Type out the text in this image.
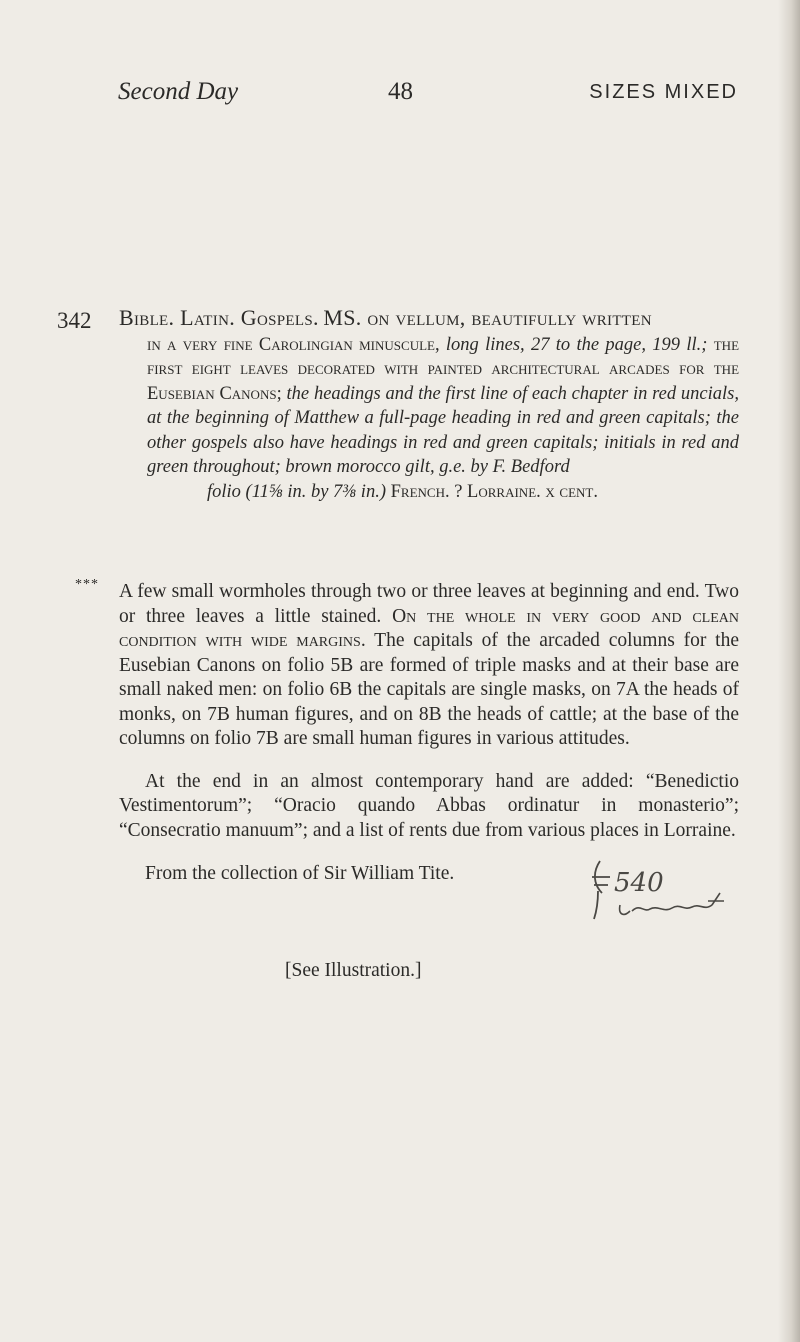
Second Day	48	SIZES MIXED
342 Bible. Latin. Gospels. MS. on vellum, beautifully written
in a very fine Carolingian minuscule, long lines, 27 to the page, 199 ll.; the first eight leaves decorated with painted architectural arcades for the Eusebian Canons; the headings and the first line of each chapter in red uncials, at the beginning of Matthew a full-page heading in red and green capitals; the other gospels also have headings in red and green capitals; initials in red and green throughout; brown morocco gilt, g.e. by F. Bedford
folio (11⅝ in. by 7⅜ in.) French. ? Lorraine. x cent.
*** A few small wormholes through two or three leaves at beginning and end. Two or three leaves a little stained. On the whole in very good and clean condition with wide margins. The capitals of the arcaded columns for the Eusebian Canons on folio 5B are formed of triple masks and at their base are small naked men: on folio 6B the capitals are single masks, on 7A the heads of monks, on 7B human figures, and on 8B the heads of cattle; at the base of the columns on folio 7B are small human figures in various attitudes.

At the end in an almost contemporary hand are added: “Benedictio Vestimentorum”; “Oracio quando Abbas ordinatur in monasterio”; “Consecratio manuum”; and a list of rents due from various places in Lorraine.

From the collection of Sir William Tite.	540
[See Illustration.]
